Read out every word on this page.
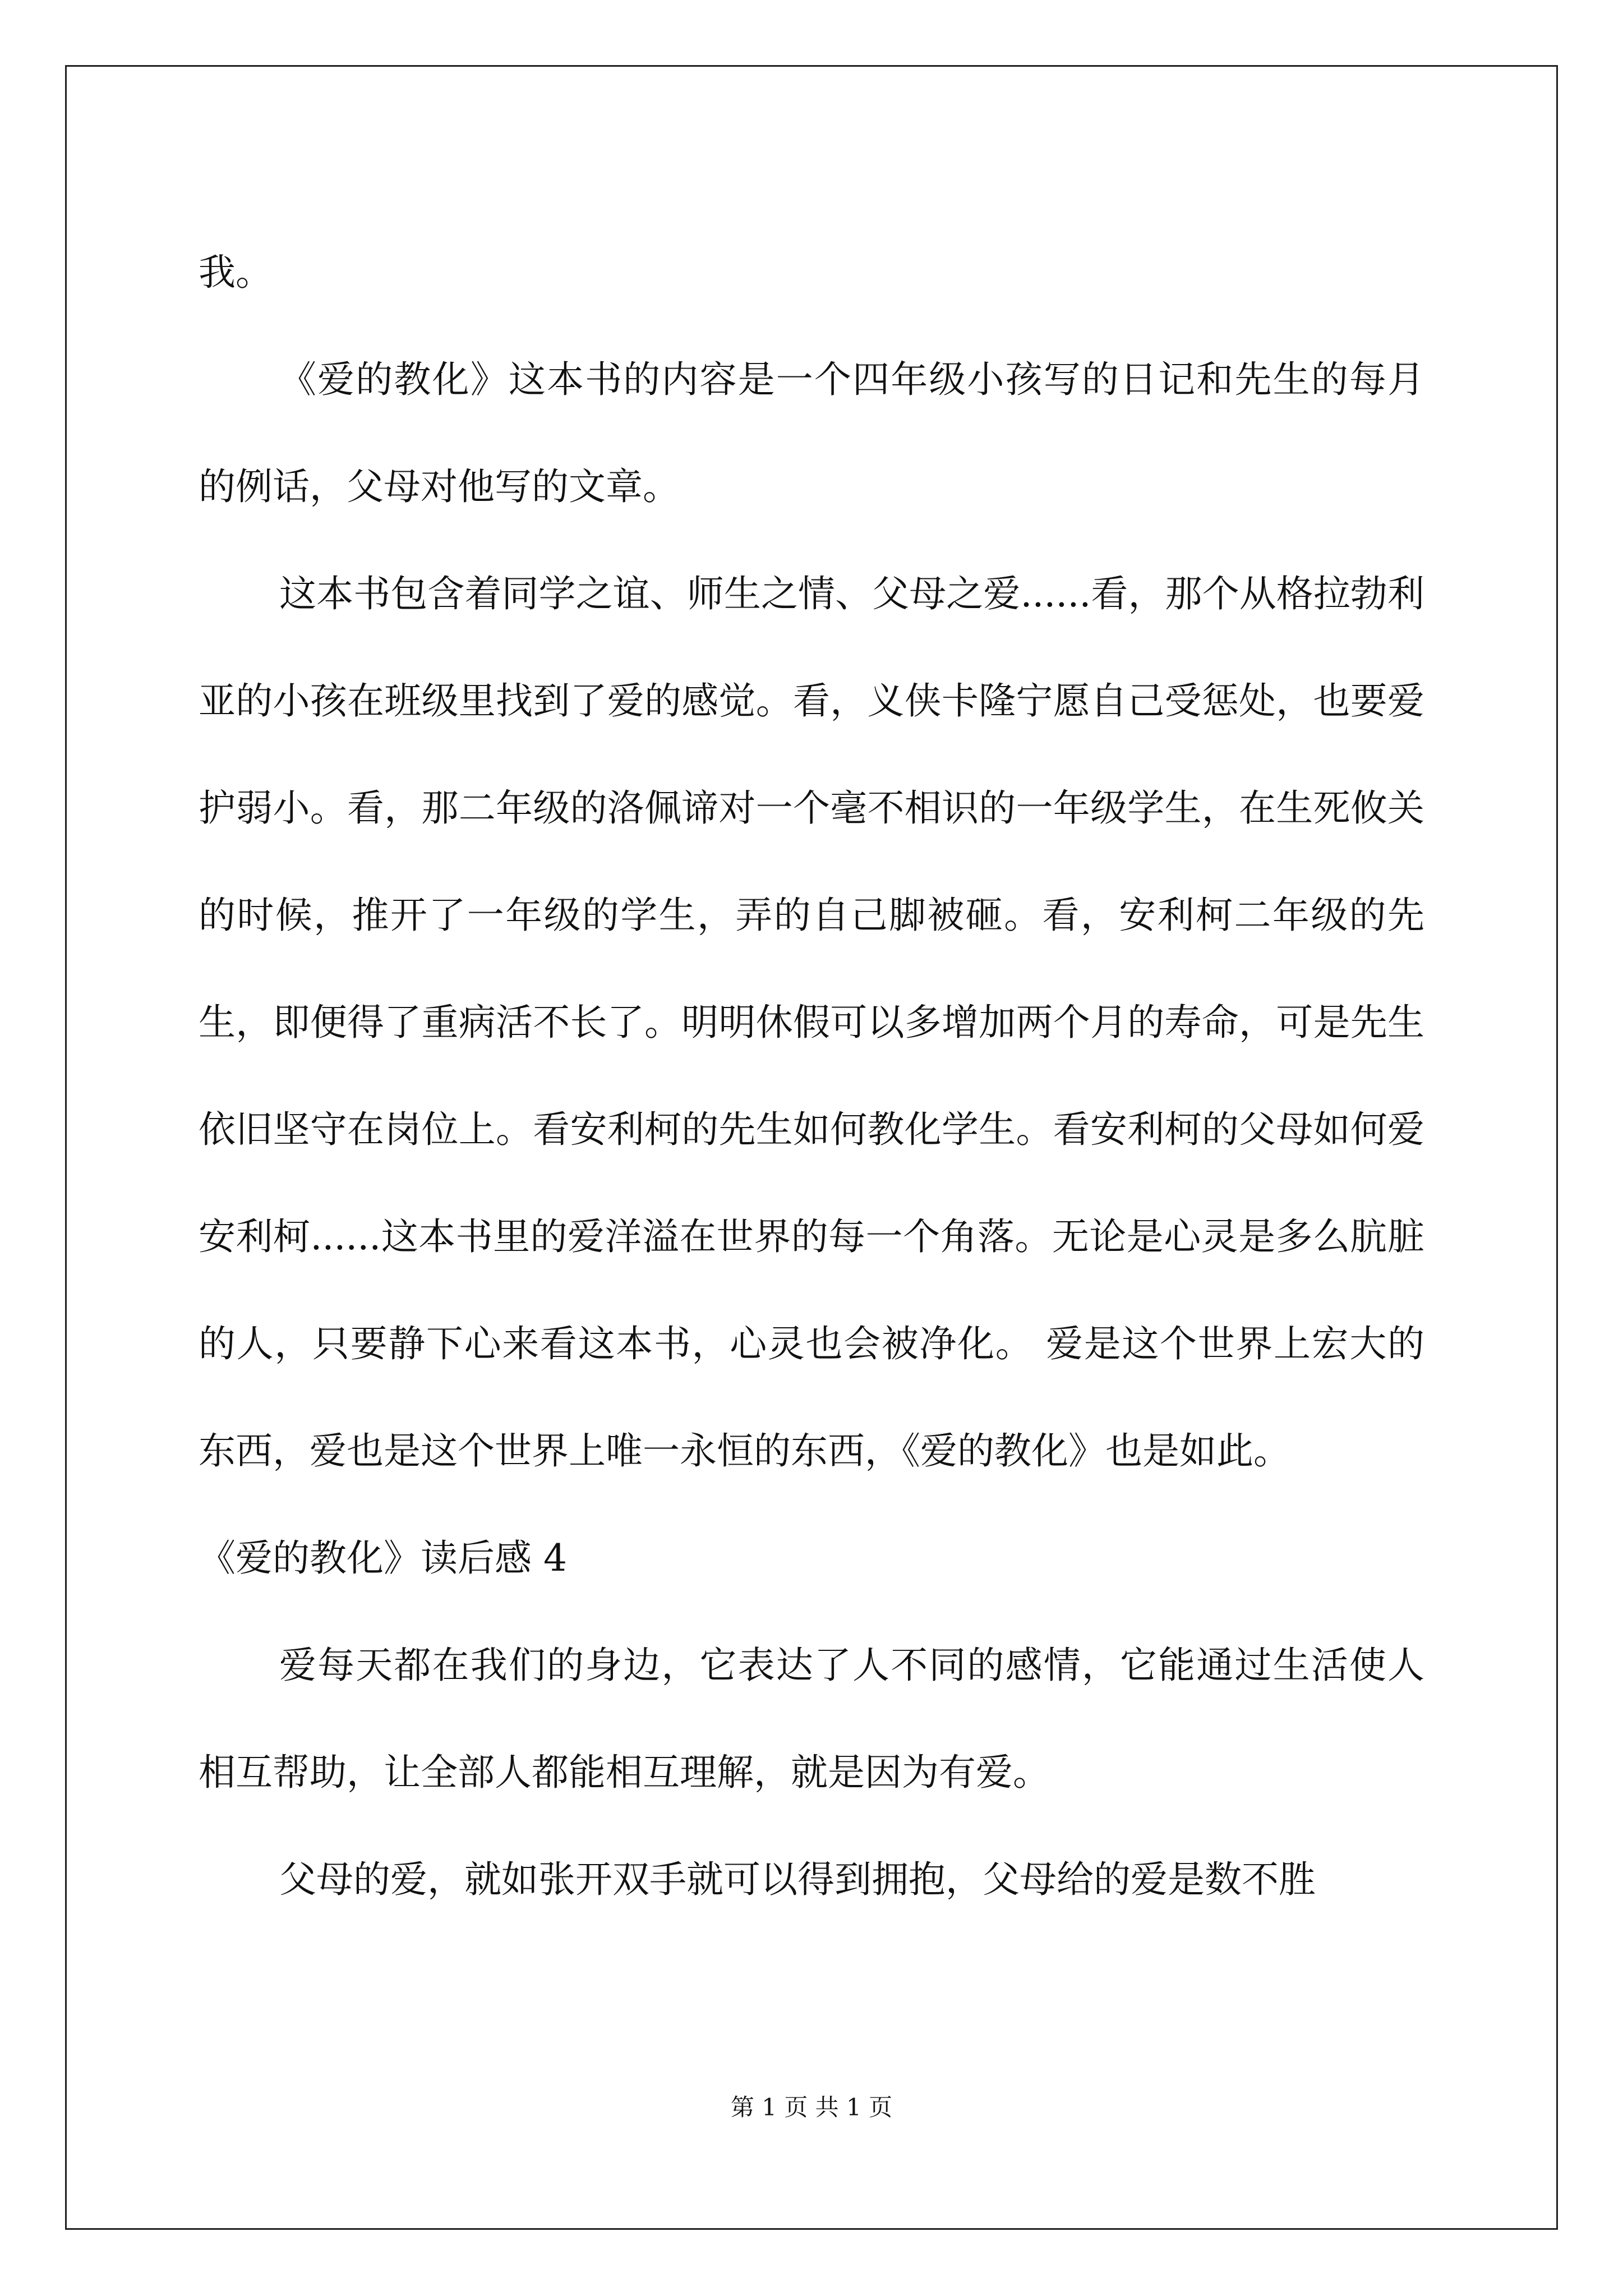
我。

《爱的教化》这本书的内容是一个四年级小孩写的日记和先生的每月的例话，父母对他写的文章。

这本书包含着同学之谊、师生之情、父母之爱......看，那个从格拉勃利亚的小孩在班级里找到了爱的感觉。看，义侠卡隆宁愿自己受惩处，也要爱护弱小。看，那二年级的洛佩谛对一个毫不相识的一年级学生，在生死攸关的时候，推开了一年级的学生，弄的自己脚被砸。看，安利柯二年级的先生，即便得了重病活不长了。明明休假可以多增加两个月的寿命，可是先生依旧坚守在岗位上。看安利柯的先生如何教化学生。看安利柯的父母如何爱安利柯......这本书里的爱洋溢在世界的每一个角落。无论是心灵是多么肮脏的人，只要静下心来看这本书，心灵也会被净化。 爱是这个世界上宏大的东西，爱也是这个世界上唯一永恒的东西，《爱的教化》也是如此。

《爱的教化》读后感 4

爱每天都在我们的身边，它表达了人不同的感情，它能通过生活使人相互帮助，让全部人都能相互理解，就是因为有爱。

父母的爱，就如张开双手就可以得到拥抱，父母给的爱是数不胜

第 1 页 共 1 页
